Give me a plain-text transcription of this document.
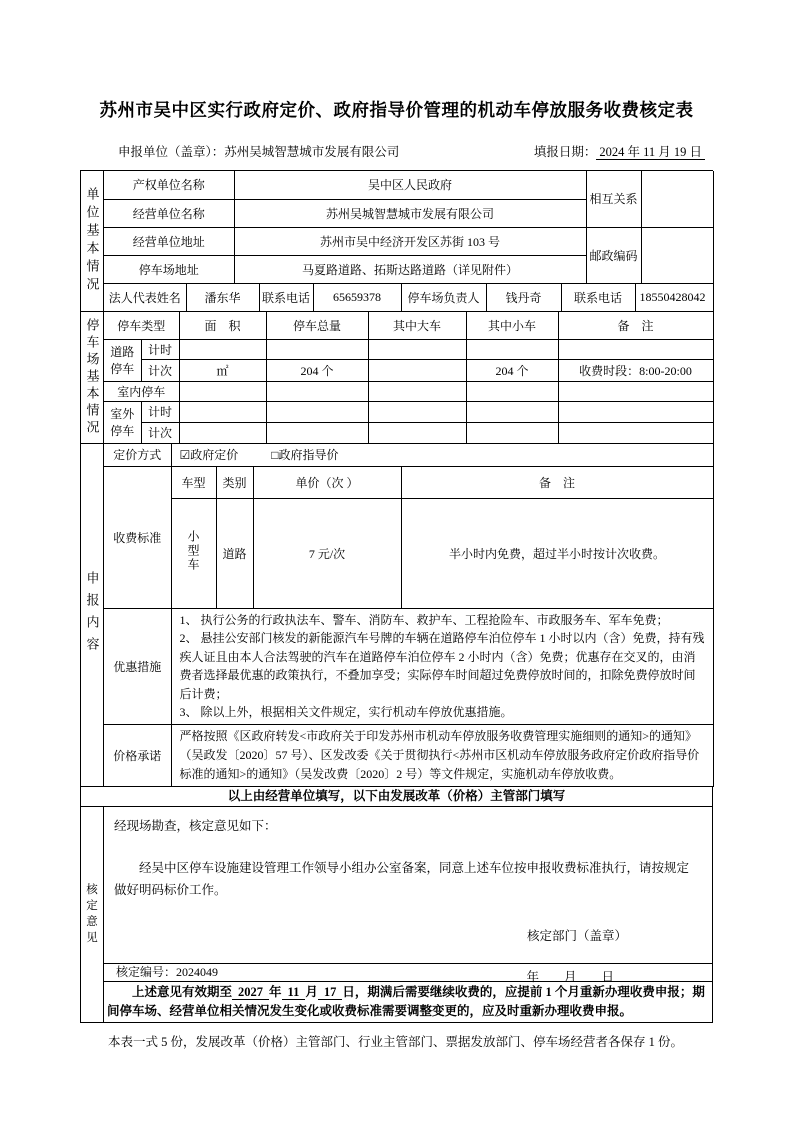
苏州市吴中区实行政府定价、政府指导价管理的机动车停放服务收费核定表
申报单位（盖章）：苏州吴城智慧城市发展有限公司	填报日期： 2024 年 11 月 19 日
单位基本情况
产权单位名称	吴中区人民政府	相互关系	
经营单位名称	苏州吴城智慧城市发展有限公司		
经营单位地址	苏州市吴中经济开发区苏街 103 号	邮政编码	
停车场地址	马夏路道路、拓斯达路道路（详见附件）		
法人代表姓名	潘东华	联系电话	65659378	停车场负责人	钱丹奇	联系电话	18550428042
停车场基本情况 停车类型		面　积	停车总量	其中大车	其中小车	备　注
道路停车	计时					
	计次	㎡	204 个		204 个	收费时段：8:00-20:00
室内停车						
室外停车	计时					
	计次					
申报内容
定价方式	☑政府定价	□政府指导价
收费标准	车型	类别	单价（次 ）	备　注
	小型车	道路	7 元/次	半小时内免费，超过半小时按计次收费。
优惠措施	
1、 执行公务的行政执法车、警车、消防车、救护车、工程抢险车、市政服务车、军车免费；
2、 悬挂公安部门核发的新能源汽车号牌的车辆在道路停车泊位停车 1 小时以内（含）免费，持有残疾人证且由本人合法驾驶的汽车在道路停车泊位停车 2 小时内（含）免费；优惠存在交叉的，由消费者选择最优惠的政策执行，不叠加享受；实际停车时间超过免费停放时间的，扣除免费停放时间后计费；
3、 除以上外，根据相关文件规定，实行机动车停放优惠措施。
价格承诺	严格按照《区政府转发<市政府关于印发苏州市机动车停放服务收费管理实施细则的通知>的通知》（吴政发〔2020〕57 号）、区发改委《关于贯彻执行<苏州市区机动车停放服务政府定价政府指导价标准的通知>的通知》（吴发改费〔2020〕2 号）等文件规定，实施机动车停放收费。
以上由经营单位填写，以下由发展改革（价格）主管部门填写
核定意见
经现场勘查，核定意见如下：
经吴中区停车设施建设管理工作领导小组办公室备案，同意上述车位按申报收费标准执行，请按规定做好明码标价工作。
核定部门（盖章）
年　　月　　日
核定编号：2024049
上述意见有效期至 2027 年 11 月 17 日，期满后需要继续收费的，应提前 1 个月重新办理收费申报；期间停车场、经营单位相关情况发生变化或收费标准需要调整变更的，应及时重新办理收费申报。
本表一式 5 份，发展改革（价格）主管部门、行业主管部门、票据发放部门、停车场经营者各保存 1 份。
